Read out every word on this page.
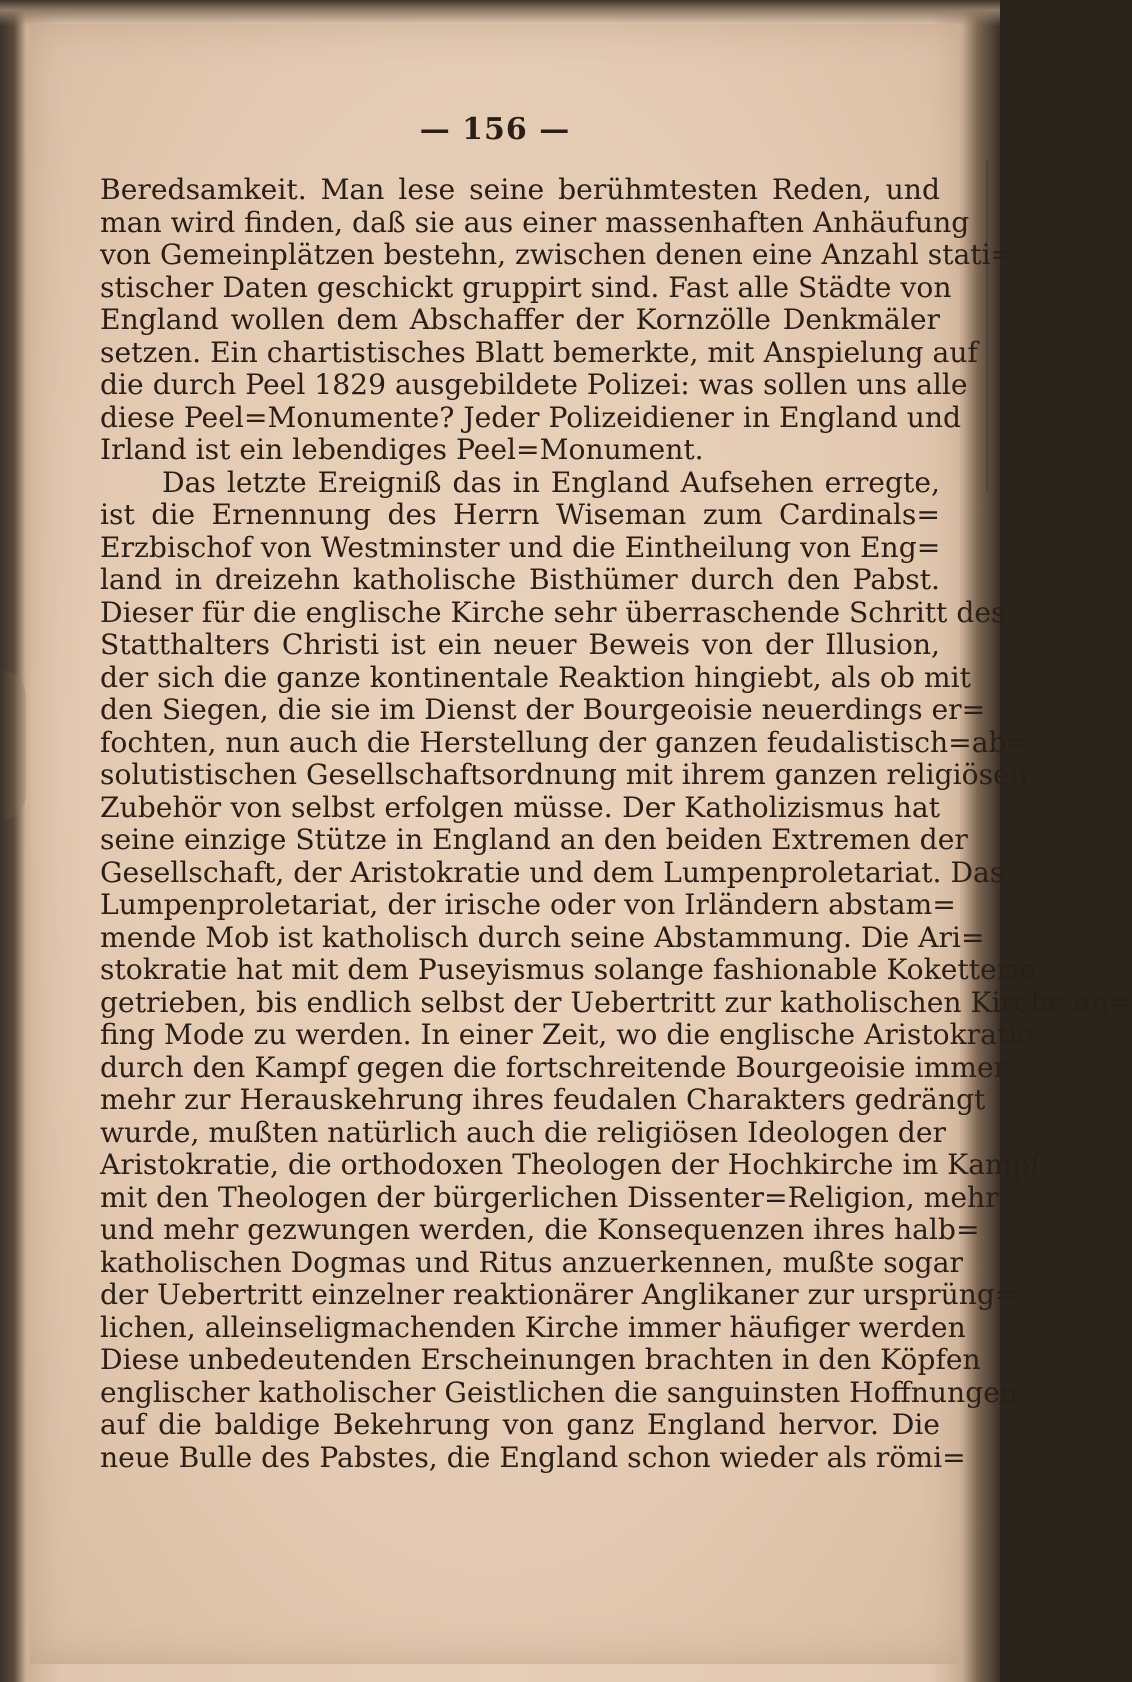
— 156 —
Beredsamkeit. Man lese seine berühmtesten Reden, und
man wird finden, daß sie aus einer massenhaften Anhäufung
von Gemeinplätzen bestehn, zwischen denen eine Anzahl stati=
stischer Daten geschickt gruppirt sind. Fast alle Städte von
England wollen dem Abschaffer der Kornzölle Denkmäler
setzen. Ein chartistisches Blatt bemerkte, mit Anspielung auf
die durch Peel 1829 ausgebildete Polizei: was sollen uns alle
diese Peel=Monumente? Jeder Polizeidiener in England und
Irland ist ein lebendiges Peel=Monument.
Das letzte Ereigniß das in England Aufsehen erregte,
ist die Ernennung des Herrn Wiseman zum Cardinals=
Erzbischof von Westminster und die Eintheilung von Eng=
land in dreizehn katholische Bisthümer durch den Pabst.
Dieser für die englische Kirche sehr überraschende Schritt des
Statthalters Christi ist ein neuer Beweis von der Illusion,
der sich die ganze kontinentale Reaktion hingiebt, als ob mit
den Siegen, die sie im Dienst der Bourgeoisie neuerdings er=
fochten, nun auch die Herstellung der ganzen feudalistisch=ab=
solutistischen Gesellschaftsordnung mit ihrem ganzen religiösen
Zubehör von selbst erfolgen müsse. Der Katholizismus hat
seine einzige Stütze in England an den beiden Extremen der
Gesellschaft, der Aristokratie und dem Lumpenproletariat. Das
Lumpenproletariat, der irische oder von Irländern abstam=
mende Mob ist katholisch durch seine Abstammung. Die Ari=
stokratie hat mit dem Puseyismus solange fashionable Koketterie
getrieben, bis endlich selbst der Uebertritt zur katholischen Kirche an=
fing Mode zu werden. In einer Zeit, wo die englische Aristokratie
durch den Kampf gegen die fortschreitende Bourgeoisie immer
mehr zur Herauskehrung ihres feudalen Charakters gedrängt
wurde, mußten natürlich auch die religiösen Ideologen der
Aristokratie, die orthodoxen Theologen der Hochkirche im Kampf
mit den Theologen der bürgerlichen Dissenter=Religion, mehr
und mehr gezwungen werden, die Konsequenzen ihres halb=
katholischen Dogmas und Ritus anzuerkennen, mußte sogar
der Uebertritt einzelner reaktionärer Anglikaner zur ursprüng=
lichen, alleinseligmachenden Kirche immer häufiger werden
Diese unbedeutenden Erscheinungen brachten in den Köpfen
englischer katholischer Geistlichen die sanguinsten Hoffnungen
auf die baldige Bekehrung von ganz England hervor. Die
neue Bulle des Pabstes, die England schon wieder als römi=
